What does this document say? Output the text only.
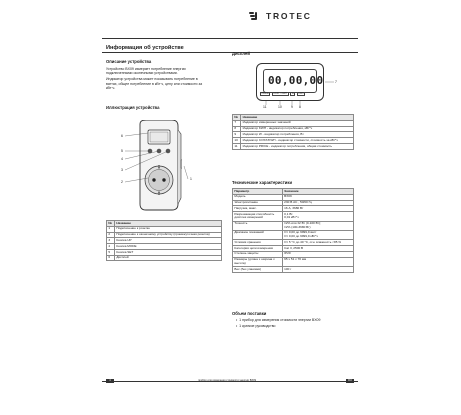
TROTEC
Информация об устройстве
Описание устройства
Устройство BX09 измеряет потребление энергии
подключенными оконечными устройствами.
Индикатор устройства может показывать потребление в
ваттах, общее потребление в кВт·ч, цену или стоимости за
кВт·ч.
Иллюстрация устройства
6
5
4
3
2
1
№	Название
1	Подключение к розетке
2	Подключение к оконечному устройству (промежуточная розетка)
3	Кнопка UP
4	Кнопка MODE
5	Кнопка SET
6	Дисплей
Дисплей
00,00,00
PRICE	COST / KWH	W	KWH
11	10	9 8
7
№	Название
7	Индикатор измеренных значений
8	Индикатор KWH - индикатор потребления, кВт*ч
9	Индикатор W - индикатор потребления, Вт
10	Индикатор COST/KWH - индикатор стоимости, стоимость за кВт*ч
11	Индикатор PRICE - индикатор потребления, общая стоимость
Технические характеристики
Параметр	Значение
Модель	BX09
Электропитание	230 В AC , 50/60 Гц
Нагрузка, макс.	16 А, 3680 Вт
Разрешающая способность дисплея измерений	0,1 Вт
0,01 кВт*ч
Точность	±2% или ±2 Вт (0-100 Вт);
±2% (100-3680 Вт)
Диапазон показаний	От 0,00 до 9999,9 ватт
От 0,00 до 9999,9 кВт*ч
Условия хранения	От 5 °С до 40 °С, отн. влажность <85 %
Категория цепи измерения	Cat II, 2500 В
Степень защиты	IP20
Размеры (длина х ширина х высота)	95 х 51 х 70 мм
Вес (без упаковки)	100 г
Объем поставки
•  1 прибор для измерения стоимости энергии BX09
•  1 краткое руководство
4	прибор для измерения стоимости энергии BX09	RU
